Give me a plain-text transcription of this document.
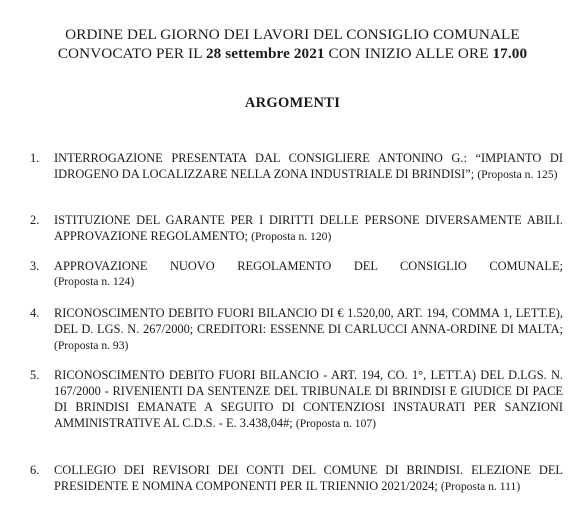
ORDINE DEL GIORNO DEI LAVORI DEL CONSIGLIO COMUNALE
CONVOCATO PER IL 28 settembre 2021 CON INIZIO ALLE ORE 17.00
ARGOMENTI
1.	INTERROGAZIONE PRESENTATA DAL CONSIGLIERE ANTONINO G.: “IMPIANTO DI IDROGENO DA LOCALIZZARE NELLA ZONA INDUSTRIALE DI BRINDISI”; (Proposta n. 125)
2.	ISTITUZIONE DEL GARANTE PER I DIRITTI DELLE PERSONE DIVERSAMENTE ABILI. APPROVAZIONE REGOLAMENTO; (Proposta n. 120)
3.	APPROVAZIONE NUOVO REGOLAMENTO DEL CONSIGLIO COMUNALE;
(Proposta n. 124)
4.	RICONOSCIMENTO DEBITO FUORI BILANCIO DI € 1.520,00, ART. 194, COMMA 1, LETT.E), DEL D. LGS. N. 267/2000; CREDITORI: ESSENNE DI CARLUCCI ANNA-ORDINE DI MALTA; (Proposta n. 93)
5.	RICONOSCIMENTO DEBITO FUORI BILANCIO - ART. 194, CO. 1°, LETT.A) DEL D.LGS. N. 167/2000 - RIVENIENTI DA SENTENZE DEL TRIBUNALE DI BRINDISI E GIUDICE DI PACE DI BRINDISI EMANATE A SEGUITO DI CONTENZIOSI INSTAURATI PER SANZIONI AMMINISTRATIVE AL C.D.S. - E. 3.438,04#; (Proposta n. 107)
6.	COLLEGIO DEI REVISORI DEI CONTI DEL COMUNE DI BRINDISI. ELEZIONE DEL PRESIDENTE E NOMINA COMPONENTI PER IL TRIENNIO 2021/2024; (Proposta n. 111)
